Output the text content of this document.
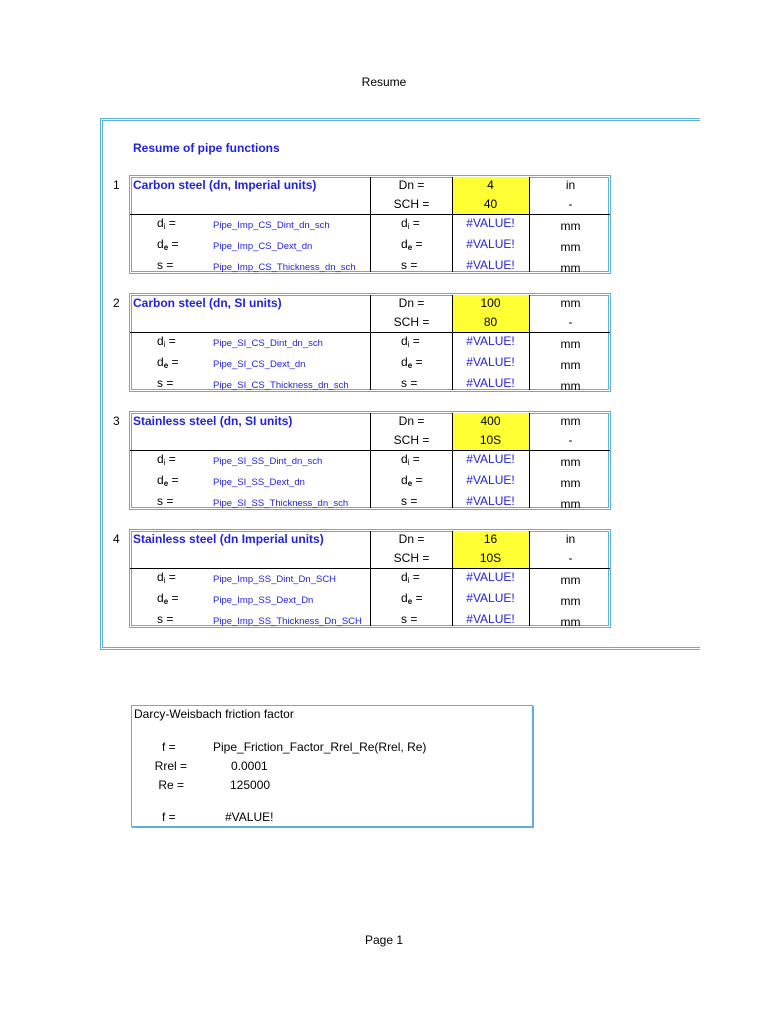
Resume
Resume of pipe functions
1 Carbon steel (dn, Imperial units)	Dn =	4	in
SCH =	40	-
$d_i$ =	Pipe_Imp_CS_Dint_dn_sch	$d_i$ =	#VALUE!	mm
$d_e$ =	Pipe_Imp_CS_Dext_dn	$d_e$ =	#VALUE!	mm
s =	Pipe_Imp_CS_Thickness_dn_sch	s =	#VALUE!	mm
2 Carbon steel (dn, SI units)	Dn =	100	mm
SCH =	80	-
$d_i$ =	Pipe_SI_CS_Dint_dn_sch	$d_i$ =	#VALUE!	mm
$d_e$ =	Pipe_SI_CS_Dext_dn	$d_e$ =	#VALUE!	mm
s =	Pipe_SI_CS_Thickness_dn_sch	s =	#VALUE!	mm
3 Stainless steel (dn, SI units)	Dn =	400	mm
SCH =	10S	-
$d_i$ =	Pipe_SI_SS_Dint_dn_sch	$d_i$ =	#VALUE!	mm
$d_e$ =	Pipe_SI_SS_Dext_dn	$d_e$ =	#VALUE!	mm
s =	Pipe_SI_SS_Thickness_dn_sch	s =	#VALUE!	mm
4 Stainless steel (dn Imperial units)	Dn =	16	in
SCH =	10S	-
$d_i$ =	Pipe_Imp_SS_Dint_Dn_SCH	$d_i$ =	#VALUE!	mm
$d_e$ =	Pipe_Imp_SS_Dext_Dn	$d_e$ =	#VALUE!	mm
s =	Pipe_Imp_SS_Thickness_Dn_SCH	s =	#VALUE!	mm
Darcy-Weisbach friction factor
f =	Pipe_Friction_Factor_Rrel_Re(Rrel, Re)
Rrel =	0.0001
Re =	125000
f =	#VALUE!
Page 1
